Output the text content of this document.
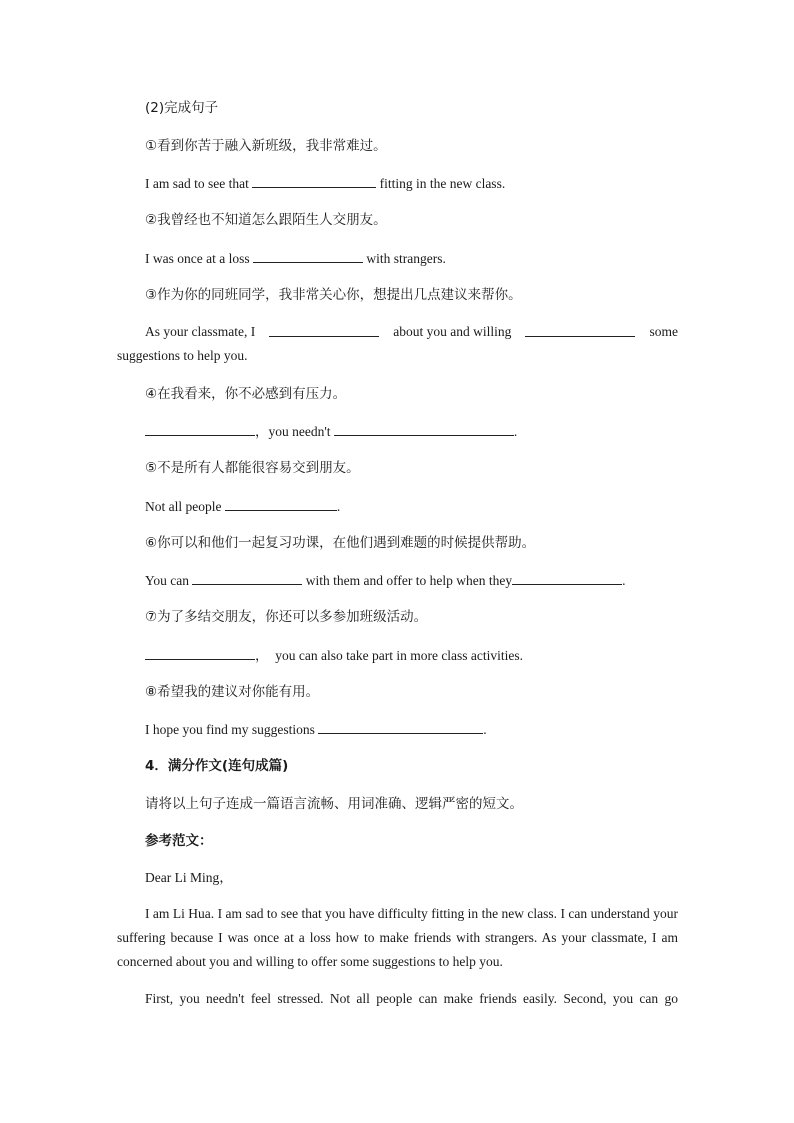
(2)完成句子
①看到你苦于融入新班级，我非常难过。
I am sad to see that	fitting in the new class.
②我曾经也不知道怎么跟陌生人交朋友。
I was once at a loss	with strangers.
③作为你的同班同学，我非常关心你，想提出几点建议来帮你。
As your classmate, I	about you and willing	some
suggestions to help you.
④在我看来，你不必感到有压力。
，you needn't	.
⑤不是所有人都能很容易交到朋友。
Not all people	.
⑥你可以和他们一起复习功课，在他们遇到难题的时候提供帮助。
You can	with them and offer to help when they	.
⑦为了多结交朋友，你还可以多参加班级活动。
， you can also take part in more class activities.
⑧希望我的建议对你能有用。
I hope you find my suggestions	.
4．满分作文(连句成篇)
请将以上句子连成一篇语言流畅、用词准确、逻辑严密的短文。
参考范文：
Dear Li Ming，
I am Li Hua. I am sad to see that you have difficulty fitting in the new class. I can understand your suffering because I was once at a loss how to make friends with strangers. As your classmate, I am concerned about you and willing to offer some suggestions to help you.
First, you needn't feel stressed. Not all people can make friends easily. Second, you can go
